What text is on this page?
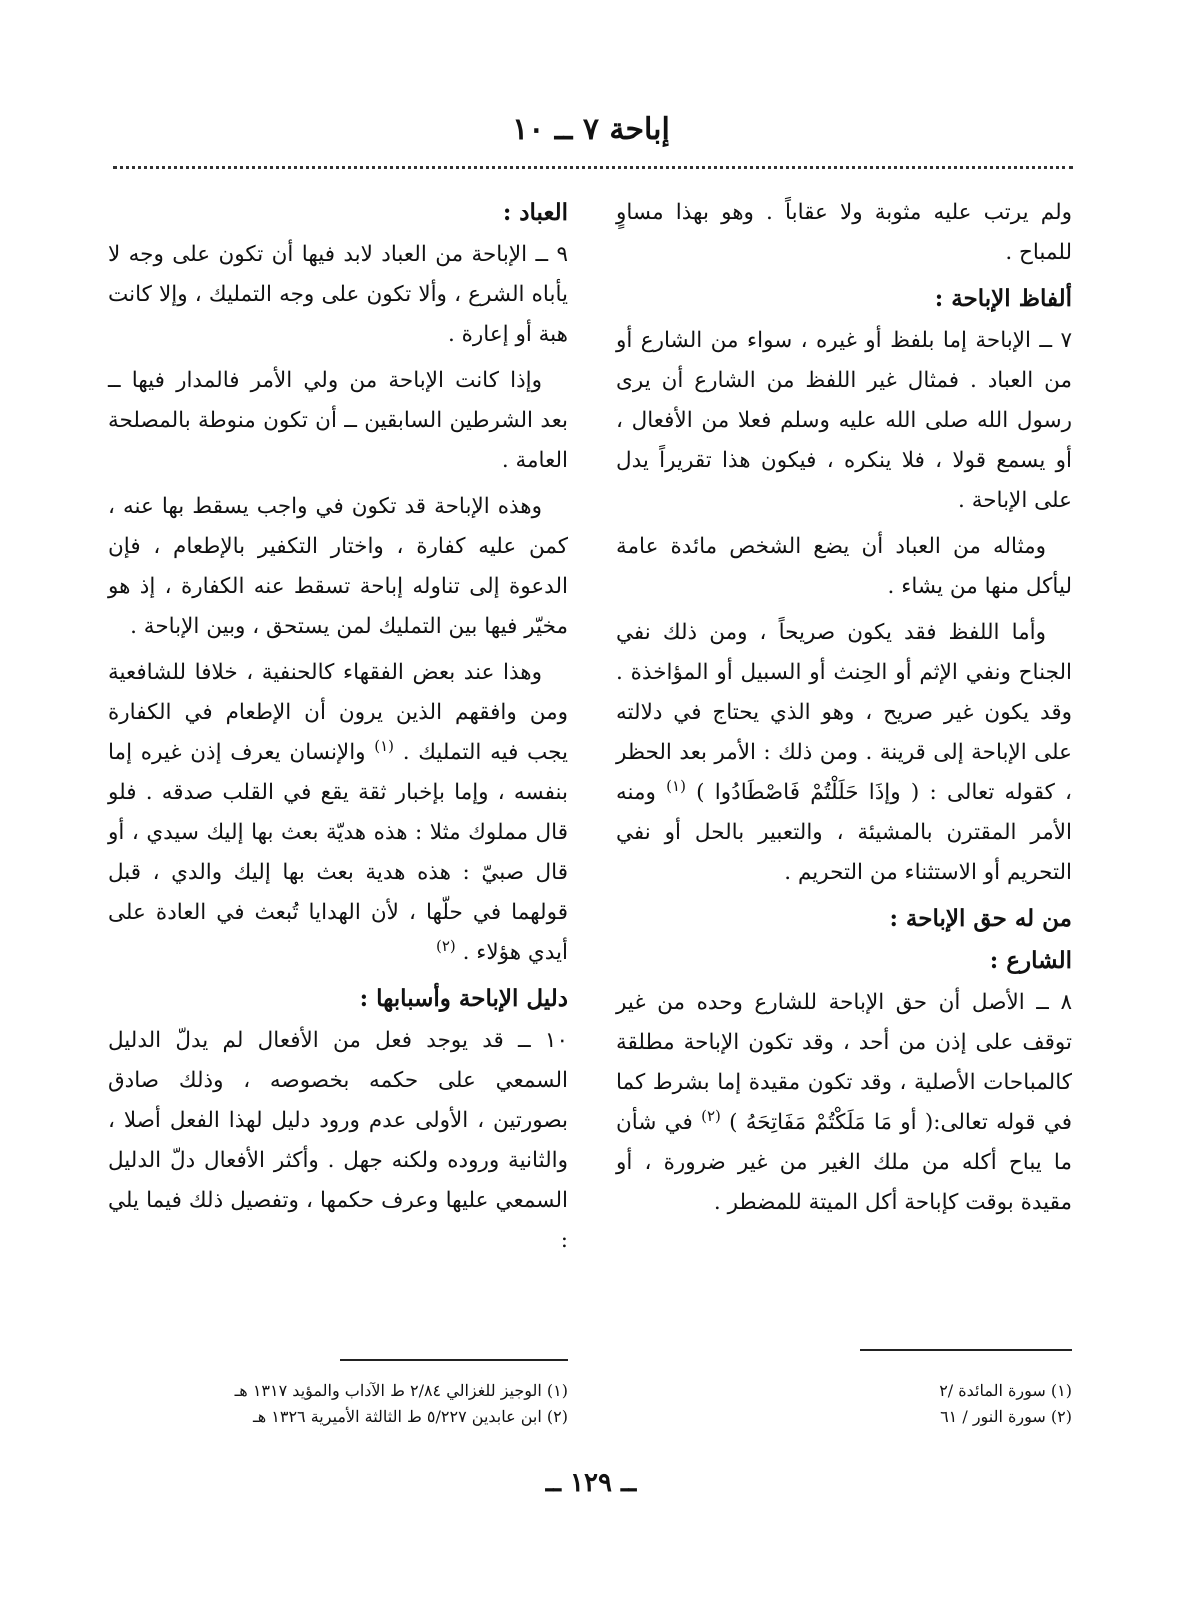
إباحة ٧ ــ ١٠

ولم يرتب عليه مثوبة ولا عقاباً . وهو بهذا مساوٍ للمباح .

ألفاظ الإباحة :

٧ ــ الإباحة إما بلفظ أو غيره ، سواء من الشارع أو من العباد . فمثال غير اللفظ من الشارع أن يرى رسول الله صلى الله عليه وسلم فعلا من الأفعال ، أو يسمع قولا ، فلا ينكره ، فيكون هذا تقريراً يدل على الإباحة .

ومثاله من العباد أن يضع الشخص مائدة عامة ليأكل منها من يشاء .

وأما اللفظ فقد يكون صريحاً ، ومن ذلك نفي الجناح ونفي الإثم أو الحِنث أو السبيل أو المؤاخذة . وقد يكون غير صريح ، وهو الذي يحتاج في دلالته على الإباحة إلى قرينة . ومن ذلك : الأمر بعد الحظر ، كقوله تعالى : ( وإذَا حَلَلْتُمْ فَاصْطَادُوا ) $^{(١)}$ ومنه الأمر المقترن بالمشيئة ، والتعبير بالحل أو نفي التحريم أو الاستثناء من التحريم .

من له حق الإباحة :
الشارع :

٨ ــ الأصل أن حق الإباحة للشارع وحده من غير توقف على إذن من أحد ، وقد تكون الإباحة مطلقة كالمباحات الأصلية ، وقد تكون مقيدة إما بشرط كما في قوله تعالى:( أو مَا مَلَكْتُمْ مَفَاتِحَهُ ) $^{(٢)}$ في شأن ما يباح أكله من ملك الغير من غير ضرورة ، أو مقيدة بوقت كإباحة أكل الميتة للمضطر .

العباد :

٩ ــ الإباحة من العباد لابد فيها أن تكون على وجه لا يأباه الشرع ، وألا تكون على وجه التمليك ، وإلا كانت هبة أو إعارة .

وإذا كانت الإباحة من ولي الأمر فالمدار فيها ــ بعد الشرطين السابقين ــ أن تكون منوطة بالمصلحة العامة .

وهذه الإباحة قد تكون في واجب يسقط بها عنه ، كمن عليه كفارة ، واختار التكفير بالإطعام ، فإن الدعوة إلى تناوله إباحة تسقط عنه الكفارة ، إذ هو مخيّر فيها بين التمليك لمن يستحق ، وبين الإباحة .

وهذا عند بعض الفقهاء كالحنفية ، خلافا للشافعية ومن وافقهم الذين يرون أن الإطعام في الكفارة يجب فيه التمليك . $^{(١)}$ والإنسان يعرف إذن غيره إما بنفسه ، وإما بإخبار ثقة يقع في القلب صدقه . فلو قال مملوك مثلا : هذه هديّة بعث بها إليك سيدي ، أو قال صبيّ : هذه هدية بعث بها إليك والدي ، قبل قولهما في حلّها ، لأن الهدايا تُبعث في العادة على أيدي هؤلاء . $^{(٢)}$

دليل الإباحة وأسبابها :

١٠ ــ قد يوجد فعل من الأفعال لم يدلّ الدليل السمعي على حكمه بخصوصه ، وذلك صادق بصورتين ، الأولى عدم ورود دليل لهذا الفعل أصلا ، والثانية وروده ولكنه جهل . وأكثر الأفعال دلّ الدليل السمعي عليها وعرف حكمها ، وتفصيل ذلك فيما يلي :

(١) سورة المائدة /٢
(٢) سورة النور / ٦١
(١) الوجيز للغزالي ٢/٨٤ ط الآداب والمؤيد ١٣١٧ هـ
(٢) ابن عابدين ٥/٢٢٧ ط الثالثة الأميرية ١٣٢٦ هـ
ــ ١٢٩ ــ
